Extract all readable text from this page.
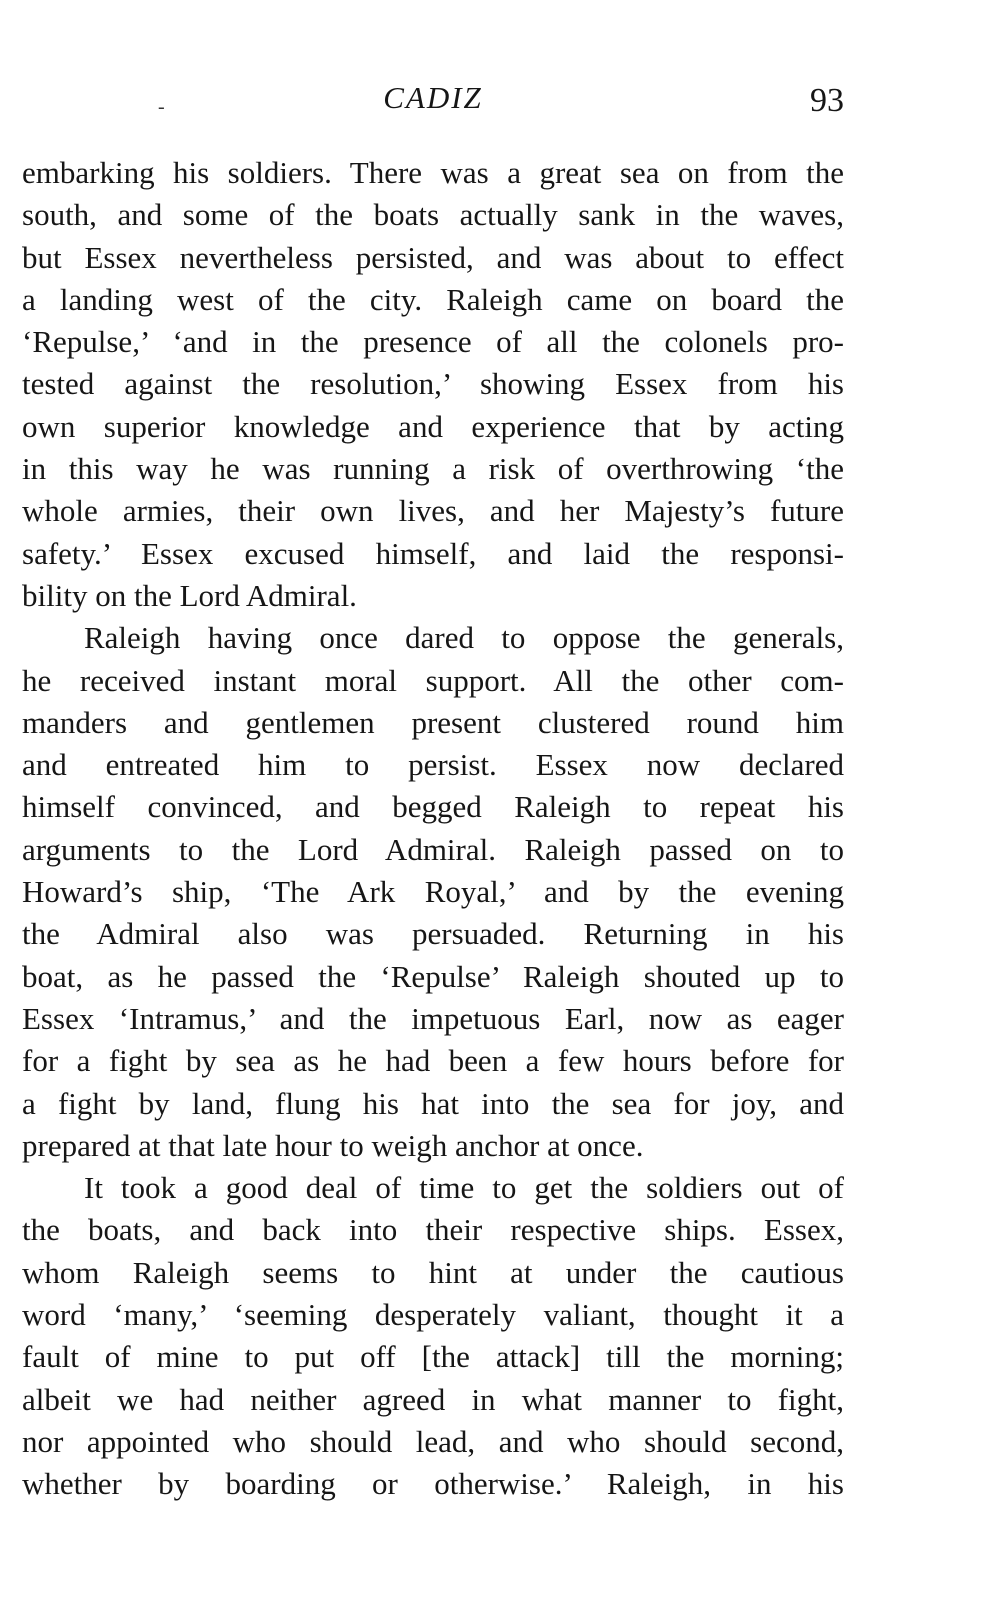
-	CADIZ	93
embarking his soldiers. There was a great sea on from the
south, and some of the boats actually sank in the waves,
but Essex nevertheless persisted, and was about to effect
a landing west of the city. Raleigh came on board the
‘Repulse,’ ‘and in the presence of all the colonels pro-
tested against the resolution,’ showing Essex from his
own superior knowledge and experience that by acting
in this way he was running a risk of overthrowing ‘the
whole armies, their own lives, and her Majesty’s future
safety.’ Essex excused himself, and laid the responsi-
bility on the Lord Admiral.
Raleigh having once dared to oppose the generals,
he received instant moral support. All the other com-
manders and gentlemen present clustered round him
and entreated him to persist. Essex now declared
himself convinced, and begged Raleigh to repeat his
arguments to the Lord Admiral. Raleigh passed on to
Howard’s ship, ‘The Ark Royal,’ and by the evening
the Admiral also was persuaded. Returning in his
boat, as he passed the ‘Repulse’ Raleigh shouted up to
Essex ‘Intramus,’ and the impetuous Earl, now as eager
for a fight by sea as he had been a few hours before for
a fight by land, flung his hat into the sea for joy, and
prepared at that late hour to weigh anchor at once.
It took a good deal of time to get the soldiers out of
the boats, and back into their respective ships. Essex,
whom Raleigh seems to hint at under the cautious
word ‘many,’ ‘seeming desperately valiant, thought it a
fault of mine to put off [the attack] till the morning;
albeit we had neither agreed in what manner to fight,
nor appointed who should lead, and who should second,
whether by boarding or otherwise.’ Raleigh, in his
